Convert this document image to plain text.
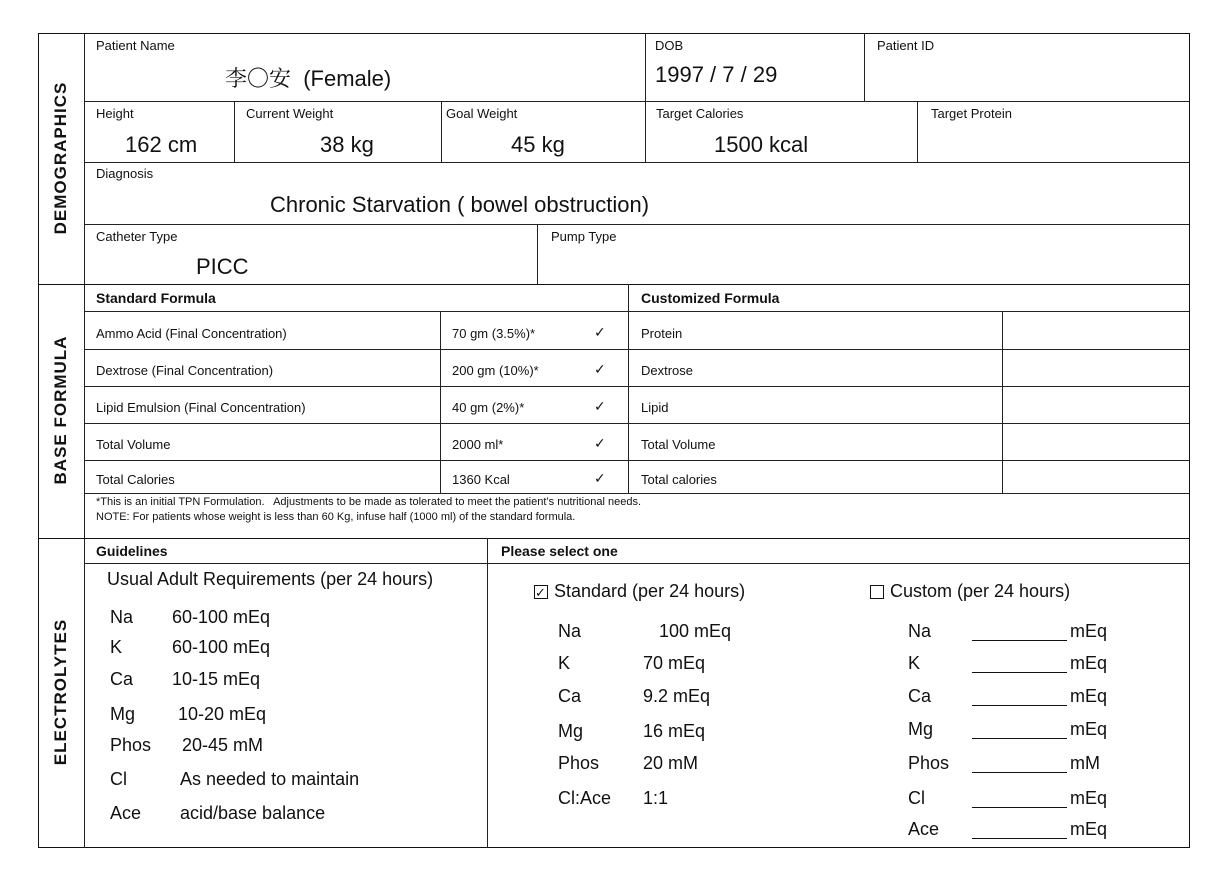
DEMOGRAPHICS
BASE FORMULA
ELECTROLYTES
Patient Name
李〇安  (Female)
DOB
1997 / 7 / 29
Patient ID
Height
162 cm
Current Weight
38 kg
Goal Weight
45 kg
Target Calories
1500 kcal
Target Protein
Diagnosis
Chronic Starvation ( bowel obstruction)
Catheter Type
PICC
Pump Type
Standard Formula	Customized Formula
Ammo Acid (Final Concentration)	70 gm (3.5%)*	✓	Protein
Dextrose (Final Concentration)	200 gm (10%)*	✓	Dextrose
Lipid Emulsion (Final Concentration)	40 gm (2%)*	✓	Lipid
Total Volume	2000 ml*	✓	Total Volume
Total Calories	1360 Kcal	✓	Total calories
*This is an initial TPN Formulation.   Adjustments to be made as tolerated to meet the patient’s nutritional needs.
NOTE: For patients whose weight is less than 60 Kg, infuse half (1000 ml) of the standard formula.
Guidelines	Please select one
Usual Adult Requirements (per 24 hours)
Na 60-100 mEq
K	60-100 mEq
Ca 10-15 mEq
Mg 10-20 mEq
Phos 20-45 mM
Cl	As needed to maintain
Ace acid/base balance
✓Standard (per 24 hours)
Na	100 mEq
K	70 mEq
Ca	9.2 mEq
Mg	16 mEq
Phos 20 mM
Cl:Ace 1:1
Custom (per 24 hours)
Na	mEq
K	mEq
Ca	mEq
Mg	mEq
Phos	mM
Cl	mEq
Ace	mEq
